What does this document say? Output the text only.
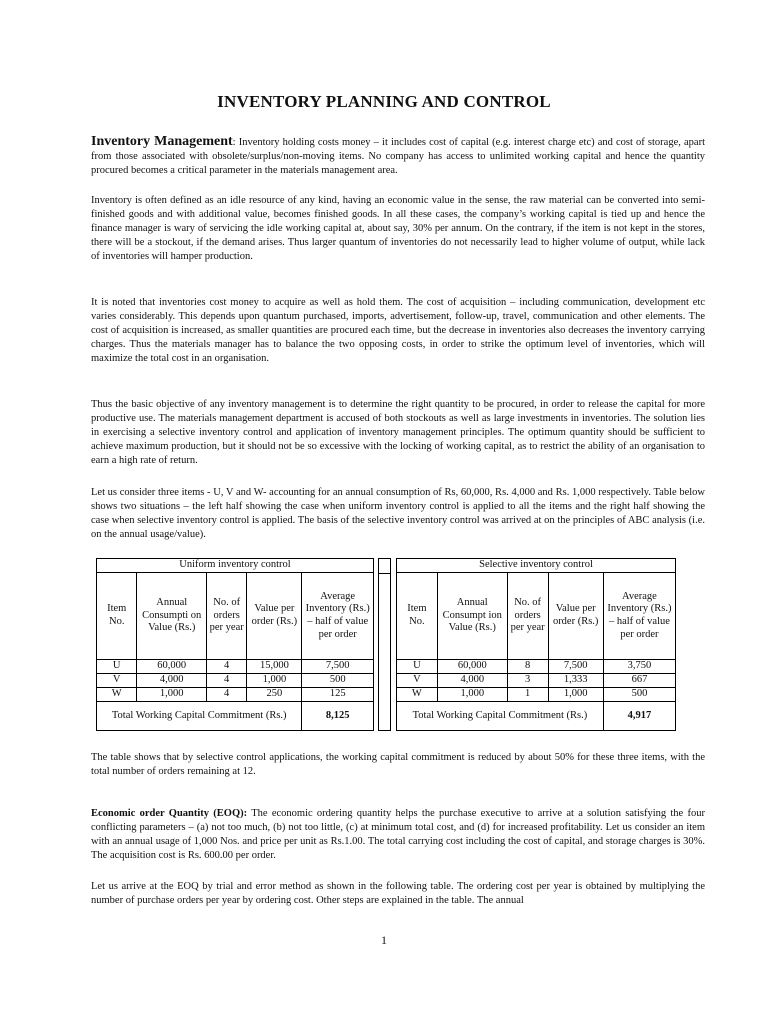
INVENTORY PLANNING AND CONTROL

Inventory Management: Inventory holding costs money – it includes cost of capital (e.g. interest charge etc) and cost of storage, apart from those associated with obsolete/surplus/non-moving items. No company has access to unlimited working capital and hence the quantity procured becomes a critical parameter in the materials management area.

Inventory is often defined as an idle resource of any kind, having an economic value in the sense, the raw material can be converted into semi-finished goods and with additional value, becomes finished goods. In all these cases, the company’s working capital is tied up and hence the finance manager is wary of servicing the idle working capital at, about say, 30% per annum. On the contrary, if the item is not kept in the stores, there will be a stockout, if the demand arises. Thus larger quantum of inventories do not necessarily lead to higher volume of output, while lack of inventories will hamper production.

It is noted that inventories cost money to acquire as well as hold them. The cost of acquisition – including communication, development etc varies considerably. This depends upon quantum purchased, imports, advertisement, follow-up, travel, communication and other elements. The cost of acquisition is increased, as smaller quantities are procured each time, but the decrease in inventories also decreases the inventory carrying charges. Thus the materials manager has to balance the two opposing costs, in order to strike the optimum level of inventories, which will maximize the total cost in an organisation.

Thus the basic objective of any inventory management is to determine the right quantity to be procured, in order to release the capital for more productive use. The materials management department is accused of both stockouts as well as large investments in inventories. The solution lies in exercising a selective inventory control and application of inventory management principles. The optimum quantity should be sufficient to achieve maximum production, but it should not be so excessive with the locking of working capital, as to restrict the ability of an organisation to earn a high rate of return.

Let us consider three items - U, V and W- accounting for an annual consumption of Rs, 60,000, Rs. 4,000 and Rs. 1,000 respectively. Table below shows two situations – the left half showing the case when uniform inventory control is applied to all the items and the right half showing the case when selective inventory control is applied. The basis of the selective inventory control was arrived at on the principles of ABC analysis (i.e. on the annual usage/value).

Uniform inventory control				
Item No.	Annual Consumpti on Value (Rs.)	No. of orders per year	Value per order (Rs.)	Average Inventory (Rs.) – half of value per order
U	60,000	4	15,000	7,500
V	4,000	4	1,000	500
W	1,000	4	250	125
Total Working Capital Commitment (Rs.)				8,125
Selective inventory control				
Item No.	Annual Consumpt ion Value (Rs.)	No. of orders per year	Value per order (Rs.)	Average Inventory (Rs.) – half of value per order
U	60,000	8	7,500	3,750
V	4,000	3	1,333	667
W	1,000	1	1,000	500
Total Working Capital Commitment (Rs.)				4,917

The table shows that by selective control applications, the working capital commitment is reduced by about 50% for these three items, with the total number of orders remaining at 12.

Economic order Quantity (EOQ): The economic ordering quantity helps the purchase executive to arrive at a solution satisfying the four conflicting parameters – (a) not too much, (b) not too little, (c) at minimum total cost, and (d) for increased profitability. Let us consider an item with an annual usage of 1,000 Nos. and price per unit as Rs.1.00. The total carrying cost including the cost of capital, and storage charges is 30%. The acquisition cost is Rs. 600.00 per order.

Let us arrive at the EOQ by trial and error method as shown in the following table. The ordering cost per year is obtained by multiplying the number of purchase orders per year by ordering cost. Other steps are explained in the table. The annual

1
